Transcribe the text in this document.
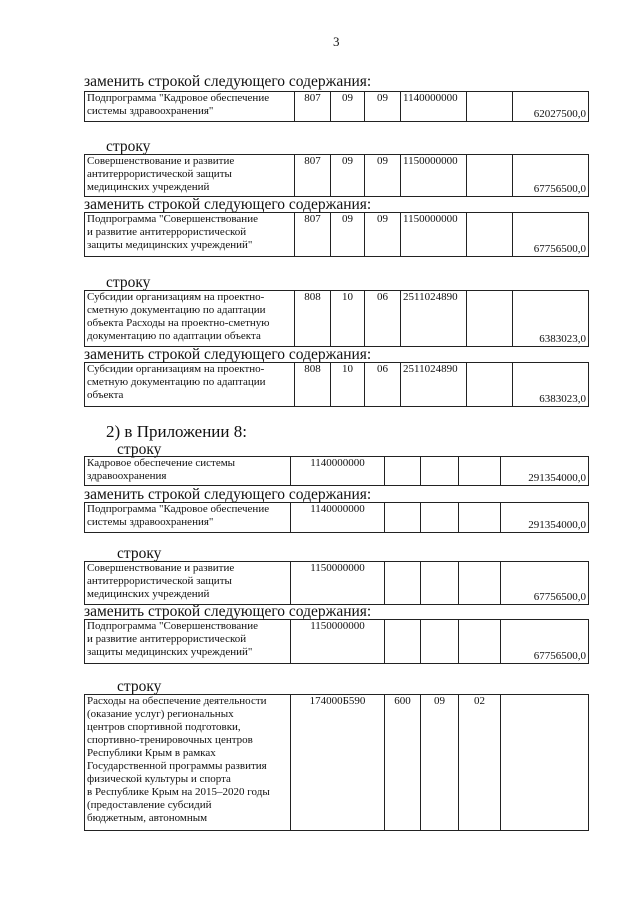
3
заменить строкой следующего содержания:
Подпрограмма "Кадровое обеспечение
системы здравоохранения"
	807	09	09	1140000000		62027500,0
строку
Совершенствование и развитие
антитеррористической защиты
медицинских учреждений
	807	09	09	1150000000		67756500,0
заменить строкой следующего содержания:
Подпрограмма "Совершенствование
и развитие антитеррористической
защиты медицинских учреждений"
	807	09	09	1150000000		67756500,0
строку
Субсидии организациям на проектно-
сметную документацию по адаптации
объекта Расходы на проектно-сметную
документацию по адаптации объекта
	808	10	06	2511024890		6383023,0
заменить строкой следующего содержания:
Субсидии организациям на проектно-
сметную документацию по адаптации
объекта
	808	10	06	2511024890		6383023,0
2) в Приложении 8:
строку
Кадровое обеспечение системы
здравоохранения
	1140000000				291354000,0
заменить строкой следующего содержания:
Подпрограмма "Кадровое обеспечение
системы здравоохранения"
	1140000000				291354000,0
строку
Совершенствование и развитие
антитеррористической защиты
медицинских учреждений
	1150000000				67756500,0
заменить строкой следующего содержания:
Подпрограмма "Совершенствование
и развитие антитеррористической
защиты медицинских учреждений"
	1150000000				67756500,0
строку
Расходы на обеспечение деятельности
(оказание услуг) региональных
центров спортивной подготовки,
спортивно-тренировочных центров
Республики Крым в рамках
Государственной программы развития
физической культуры и спорта
в Республике Крым на 2015–2020 годы
(предоставление субсидий
бюджетным, автономным
	174000Б590	600	09	02	
